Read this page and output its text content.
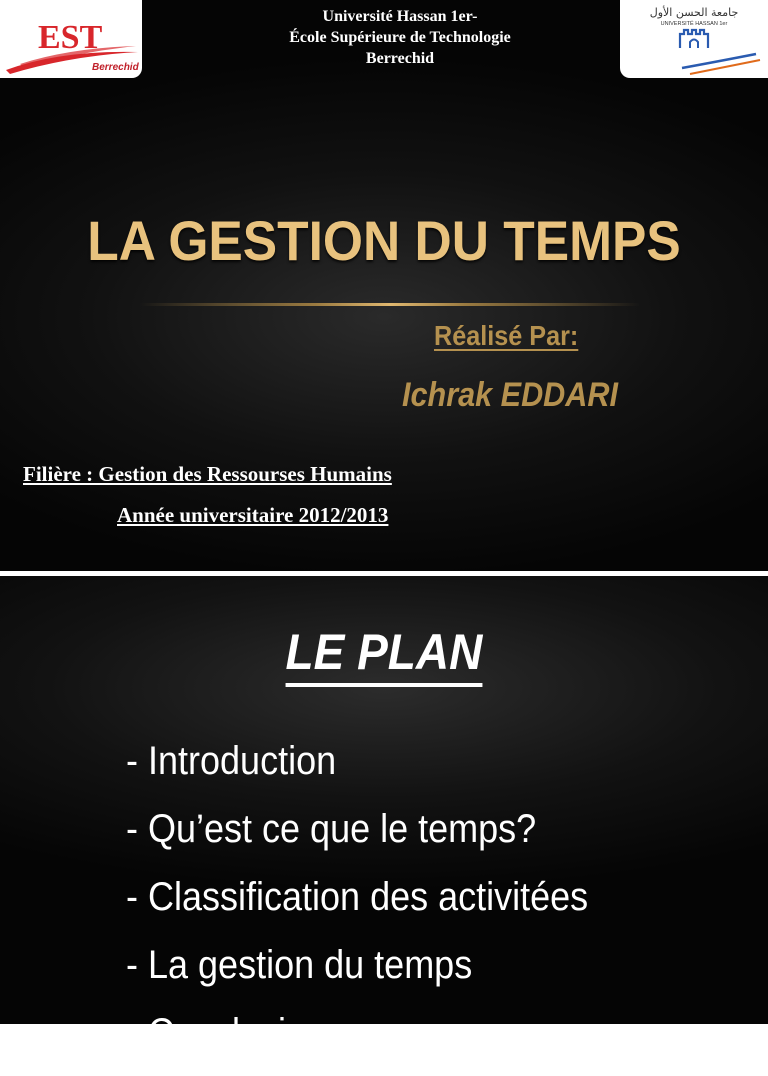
EST
Berrechid
Université Hassan 1er-
École Supérieure de Technologie
Berrechid
جامعة الحسن الأول
UNIVERSITÉ HASSAN 1er
LA GESTION DU TEMPS
Réalisé Par:
Ichrak EDDARI
Filière : Gestion des Ressourses Humains
Année universitaire 2012/2013
LE PLAN
- Introduction
- Qu’est ce que le temps?
- Classification des activitées
- La gestion du temps
- Conclusion
